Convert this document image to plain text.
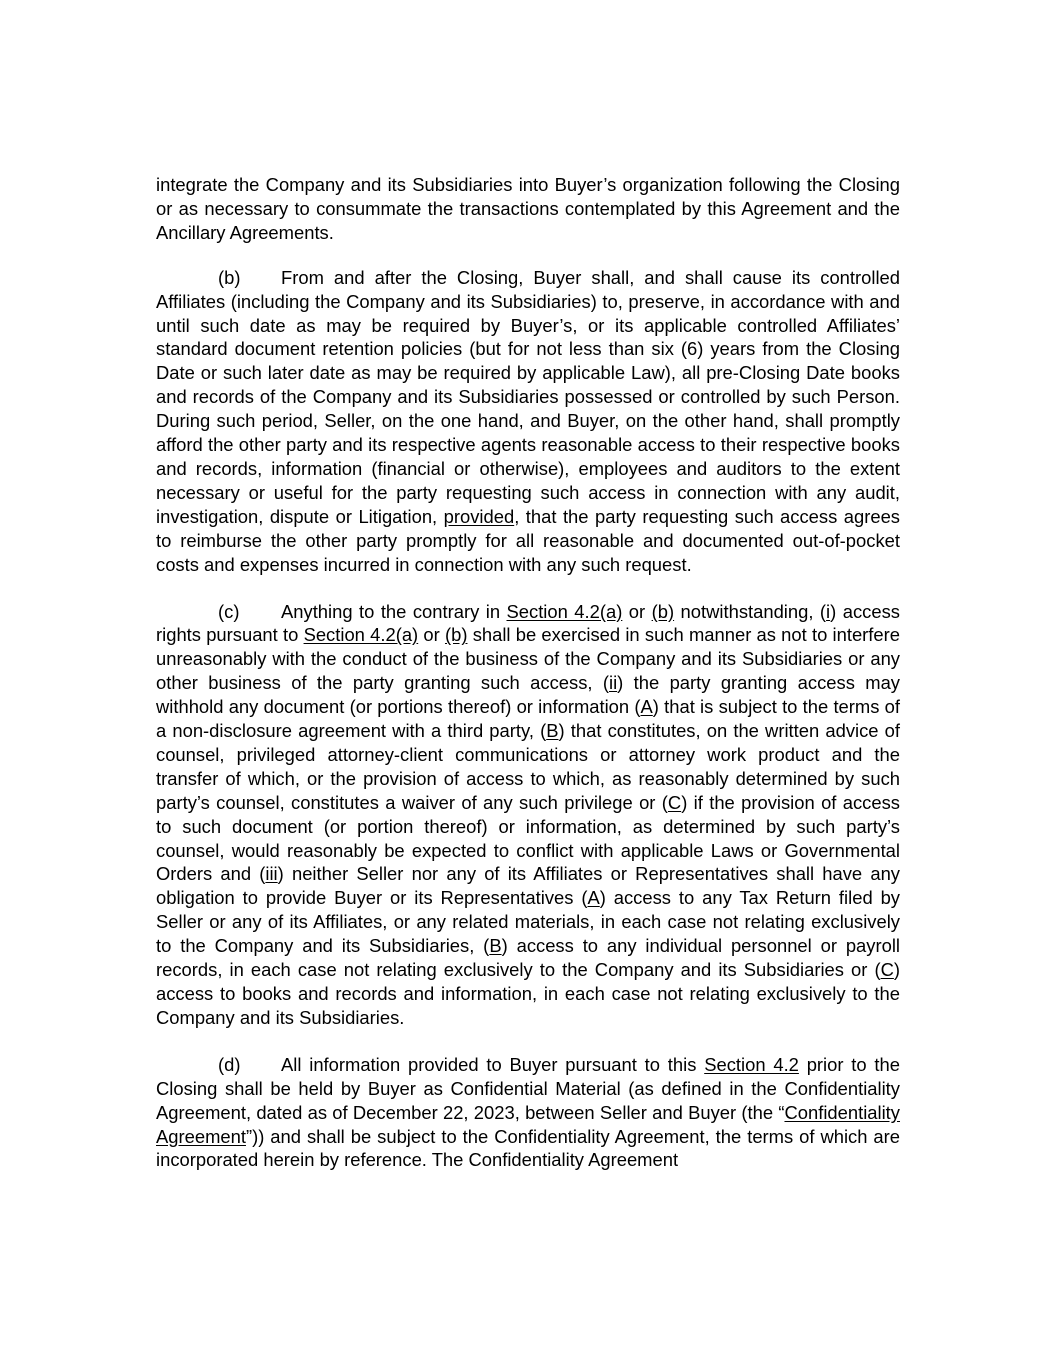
integrate the Company and its Subsidiaries into Buyer’s organization following the Closing or as necessary to consummate the transactions contemplated by this Agreement and the Ancillary Agreements.

(b) From and after the Closing, Buyer shall, and shall cause its controlled Affiliates (including the Company and its Subsidiaries) to, preserve, in accordance with and until such date as may be required by Buyer’s, or its applicable controlled Affiliates’ standard document retention policies (but for not less than six (6) years from the Closing Date or such later date as may be required by applicable Law), all pre-Closing Date books and records of the Company and its Subsidiaries possessed or controlled by such Person. During such period, Seller, on the one hand, and Buyer, on the other hand, shall promptly afford the other party and its respective agents reasonable access to their respective books and records, information (financial or otherwise), employees and auditors to the extent necessary or useful for the party requesting such access in connection with any audit, investigation, dispute or Litigation, provided, that the party requesting such access agrees to reimburse the other party promptly for all reasonable and documented out-of-pocket costs and expenses incurred in connection with any such request.

(c) Anything to the contrary in Section 4.2(a) or (b) notwithstanding, (i) access rights pursuant to Section 4.2(a) or (b) shall be exercised in such manner as not to interfere unreasonably with the conduct of the business of the Company and its Subsidiaries or any other business of the party granting such access, (ii) the party granting access may withhold any document (or portions thereof) or information (A) that is subject to the terms of a non-disclosure agreement with a third party, (B) that constitutes, on the written advice of counsel, privileged attorney-client communications or attorney work product and the transfer of which, or the provision of access to which, as reasonably determined by such party’s counsel, constitutes a waiver of any such privilege or (C) if the provision of access to such document (or portion thereof) or information, as determined by such party’s counsel, would reasonably be expected to conflict with applicable Laws or Governmental Orders and (iii) neither Seller nor any of its Affiliates or Representatives shall have any obligation to provide Buyer or its Representatives (A) access to any Tax Return filed by Seller or any of its Affiliates, or any related materials, in each case not relating exclusively to the Company and its Subsidiaries, (B) access to any individual personnel or payroll records, in each case not relating exclusively to the Company and its Subsidiaries or (C) access to books and records and information, in each case not relating exclusively to the Company and its Subsidiaries.

(d) All information provided to Buyer pursuant to this Section 4.2 prior to the Closing shall be held by Buyer as Confidential Material (as defined in the Confidentiality Agreement, dated as of December 22, 2023, between Seller and Buyer (the “Confidentiality Agreement”)) and shall be subject to the Confidentiality Agreement, the terms of which are incorporated herein by reference. The Confidentiality Agreement
